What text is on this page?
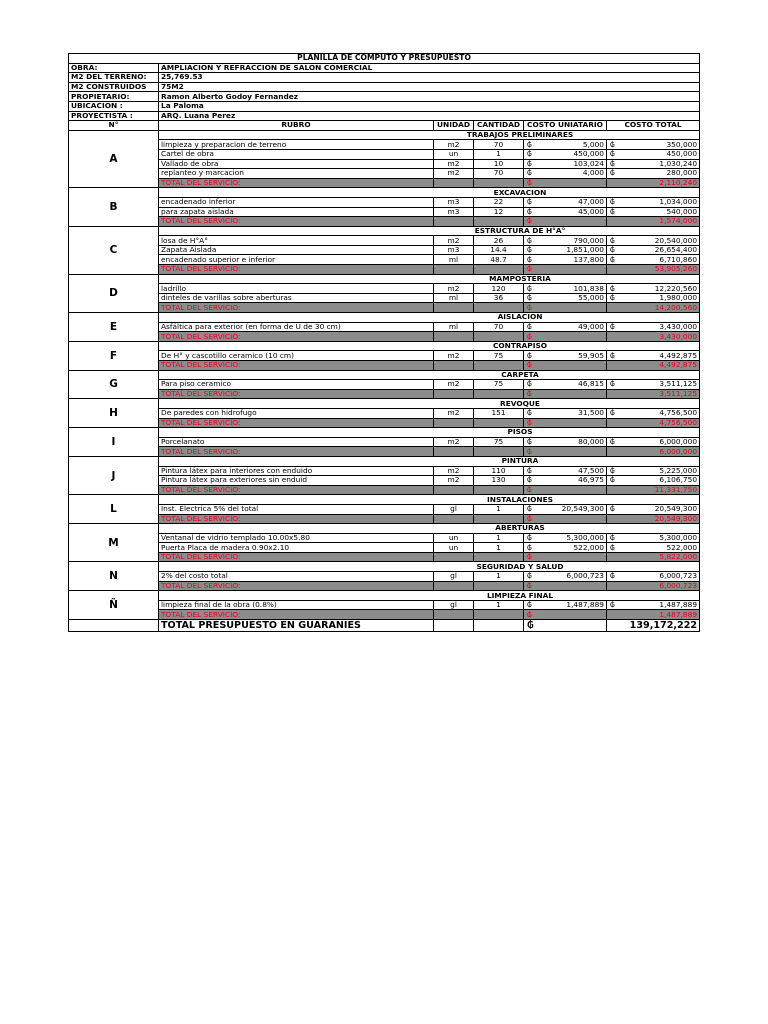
PLANILLA DE COMPUTO Y PRESUPUESTO							
OBRA:	AMPLIACION Y REFRACCION DE SALON COMERCIAL						
M2 DEL TERRENO:	25,769.53						
M2 CONSTRUIDOS	75M2						
PROPIETARIO:	Ramon Alberto Godoy Fernandez						
UBICACION :	La Paloma						
PROYECTISTA :	ARQ. Luana Perez						
N°	RUBRO	UNIDAD	CANTIDAD	COSTO UNIATARIO		COSTO TOTAL	
A		TRABAJOS PRELIMINARES					
	limpieza y preparacion de terreno	m2	70	₲	5,000	₲	350,000
	Cartel de obra	un	1	₲	450,000	₲	450,000
	Vallado de obra	m2	10	₲	103,024	₲	1,030,240
	replanteo y marcacion	m2	70	₲	4,000	₲	280,000
	TOTAL DEL SERVICIO:			₲			2,110,240
B		EXCAVACION					
	encadenado inferior	m3	22	₲	47,000	₲	1,034,000
	para zapata aislada	m3	12	₲	45,000	₲	540,000
	TOTAL DEL SERVICIO:			₲			1,574,000
C		ESTRUCTURA DE H°A°					
	losa de H°A°	m2	26	₲	790,000	₲	20,540,000
	Zapata Aislada	m3	14.4	₲	1,851,000	₲	26,654,400
	encadenado superior e inferior	ml	48.7	₲	137,800	₲	6,710,860
	TOTAL DEL SERVICIO:			₲			53,905,260
D		MAMPOSTERIA					
	ladrillo	m2	120	₲	101,838	₲	12,220,560
	dinteles de varillas sobre aberturas	ml	36	₲	55,000	₲	1,980,000
	TOTAL DEL SERVICIO:			₲			14,200,560
E		AISLACION					
	Asfáltica para exterior (en forma de U de 30 cm)	ml	70	₲	49,000	₲	3,430,000
	TOTAL DEL SERVICIO:			₲			3,430,000
F		CONTRAPISO					
	De H° y cascotillo ceramico (10 cm)	m2	75	₲	59,905	₲	4,492,875
	TOTAL DEL SERVICIO:			₲			4,492,875
G		CARPETA					
	Para piso ceramico	m2	75	₲	46,815	₲	3,511,125
	TOTAL DEL SERVICIO:			₲			3,511,125
H		REVOQUE					
	De paredes con hidrofugo	m2	151	₲	31,500	₲	4,756,500
	TOTAL DEL SERVICIO:			₲			4,756,500
I		PISOS					
	Porcelanato	m2	75	₲	80,000	₲	6,000,000
	TOTAL DEL SERVICIO:			₲			6,000,000
J		PINTURA					
	Pintura látex para interiores con enduido	m2	110	₲	47,500	₲	5,225,000
	Pintura látex para exteriores sin enduid	m2	130	₲	46,975	₲	6,106,750
	TOTAL DEL SERVICIO:			₲			11,331,750
L		INSTALACIONES					
	Inst. Electrica 5% del total	gl	1	₲	20,549,300	₲	20,549,300
	TOTAL DEL SERVICIO:			₲			20,549,300
M		ABERTURAS					
	Ventanal de vidrio templado 10.00x5.80	un	1	₲	5,300,000	₲	5,300,000
	Puerta Placa de madera 0.90x2.10	un	1	₲	522,000	₲	522,000
	TOTAL DEL SERVICIO:			₲			5,822,000
N		SEGURIDAD Y SALUD					
	2% del costo total	gl	1	₲	6,000,723	₲	6,000,723
	TOTAL DEL SERVICIO:			₲			6,000,723
Ñ		LIMPIEZA FINAL					
	limpieza final de la obra (0.8%)	gl	1	₲	1,487,889	₲	1,487,889
	TOTAL DEL SERVICIO:			₲			1,487,889
	TOTAL PRESUPUESTO EN GUARANIES			₲		139,172,222	
